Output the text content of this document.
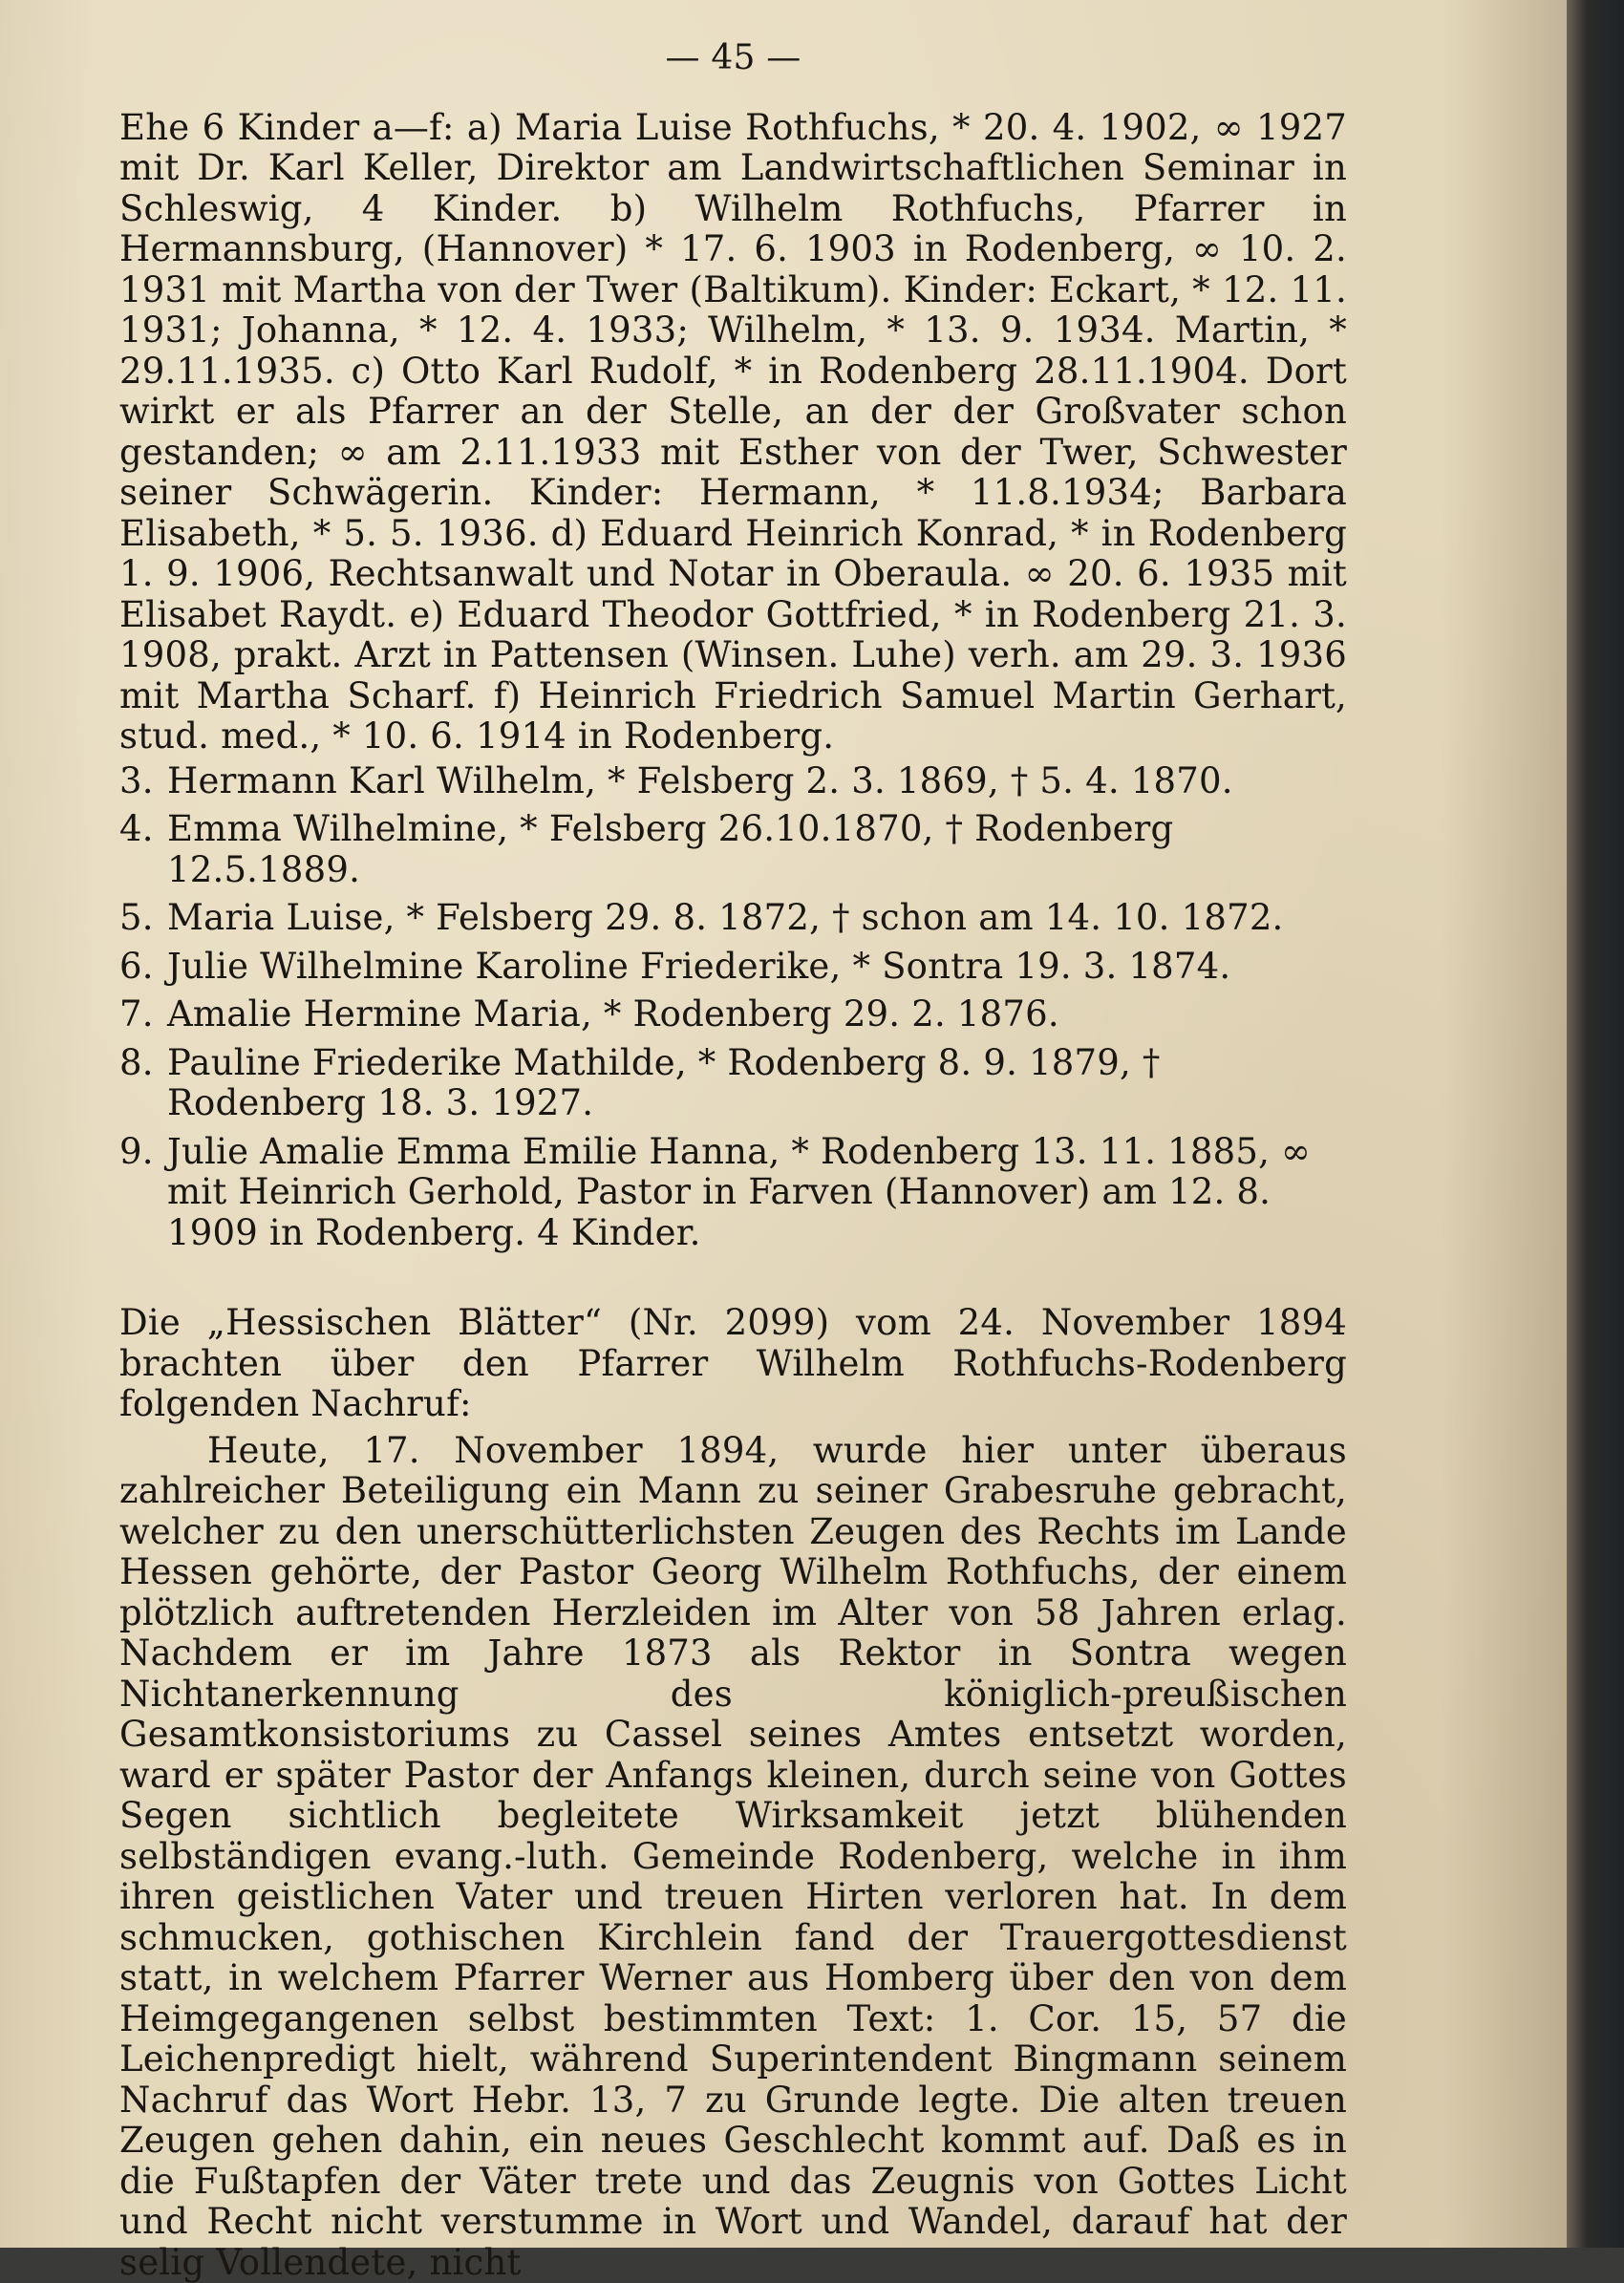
— 45 —

Ehe 6 Kinder a—f: a) Maria Luise Rothfuchs, * 20. 4. 1902, ∞ 1927 mit Dr. Karl Keller, Direktor am Landwirtschaftlichen Seminar in Schleswig, 4 Kinder. b) Wilhelm Rothfuchs, Pfarrer in Hermannsburg, (Hannover) * 17. 6. 1903 in Rodenberg, ∞ 10. 2. 1931 mit Martha von der Twer (Baltikum). Kinder: Eckart, * 12. 11. 1931; Johanna, * 12. 4. 1933; Wilhelm, * 13. 9. 1934. Martin, * 29.11.1935. c) Otto Karl Rudolf, * in Rodenberg 28.11.1904. Dort wirkt er als Pfarrer an der Stelle, an der der Großvater schon gestanden; ∞ am 2.11.1933 mit Esther von der Twer, Schwester seiner Schwägerin. Kinder: Hermann, * 11.8.1934; Barbara Elisabeth, * 5. 5. 1936. d) Eduard Heinrich Konrad, * in Rodenberg 1. 9. 1906, Rechtsanwalt und Notar in Oberaula. ∞ 20. 6. 1935 mit Elisabet Raydt. e) Eduard Theodor Gottfried, * in Rodenberg 21. 3. 1908, prakt. Arzt in Pattensen (Winsen. Luhe) verh. am 29. 3. 1936 mit Martha Scharf. f) Heinrich Friedrich Samuel Martin Gerhart, stud. med., * 10. 6. 1914 in Rodenberg.

3. Hermann Karl Wilhelm, * Felsberg 2. 3. 1869, † 5. 4. 1870.
4. Emma Wilhelmine, * Felsberg 26.10.1870, † Rodenberg 12.5.1889.
5. Maria Luise, * Felsberg 29. 8. 1872, † schon am 14. 10. 1872.
6. Julie Wilhelmine Karoline Friederike, * Sontra 19. 3. 1874.
7. Amalie Hermine Maria, * Rodenberg 29. 2. 1876.
8. Pauline Friederike Mathilde, * Rodenberg 8. 9. 1879, † Rodenberg 18. 3. 1927.
9. Julie Amalie Emma Emilie Hanna, * Rodenberg 13. 11. 1885, ∞ mit Heinrich Gerhold, Pastor in Farven (Hannover) am 12. 8. 1909 in Rodenberg. 4 Kinder.

Die „Hessischen Blätter“ (Nr. 2099) vom 24. November 1894 brachten über den Pfarrer Wilhelm Rothfuchs-Rodenberg folgenden Nachruf:

Heute, 17. November 1894, wurde hier unter überaus zahlreicher Beteiligung ein Mann zu seiner Grabesruhe gebracht, welcher zu den unerschütterlichsten Zeugen des Rechts im Lande Hessen gehörte, der Pastor Georg Wilhelm Rothfuchs, der einem plötzlich auftretenden Herzleiden im Alter von 58 Jahren erlag. Nachdem er im Jahre 1873 als Rektor in Sontra wegen Nichtanerkennung des königlich-preußischen Gesamtkonsistoriums zu Cassel seines Amtes entsetzt worden, ward er später Pastor der Anfangs kleinen, durch seine von Gottes Segen sichtlich begleitete Wirksamkeit jetzt blühenden selbständigen evang.-luth. Gemeinde Rodenberg, welche in ihm ihren geistlichen Vater und treuen Hirten verloren hat. In dem schmucken, gothischen Kirchlein fand der Trauergottesdienst statt, in welchem Pfarrer Werner aus Homberg über den von dem Heimgegangenen selbst bestimmten Text: 1. Cor. 15, 57 die Leichenpredigt hielt, während Superintendent Bingmann seinem Nachruf das Wort Hebr. 13, 7 zu Grunde legte. Die alten treuen Zeugen gehen dahin, ein neues Geschlecht kommt auf. Daß es in die Fußtapfen der Väter trete und das Zeugnis von Gottes Licht und Recht nicht verstumme in Wort und Wandel, darauf hat der selig Vollendete, nicht
